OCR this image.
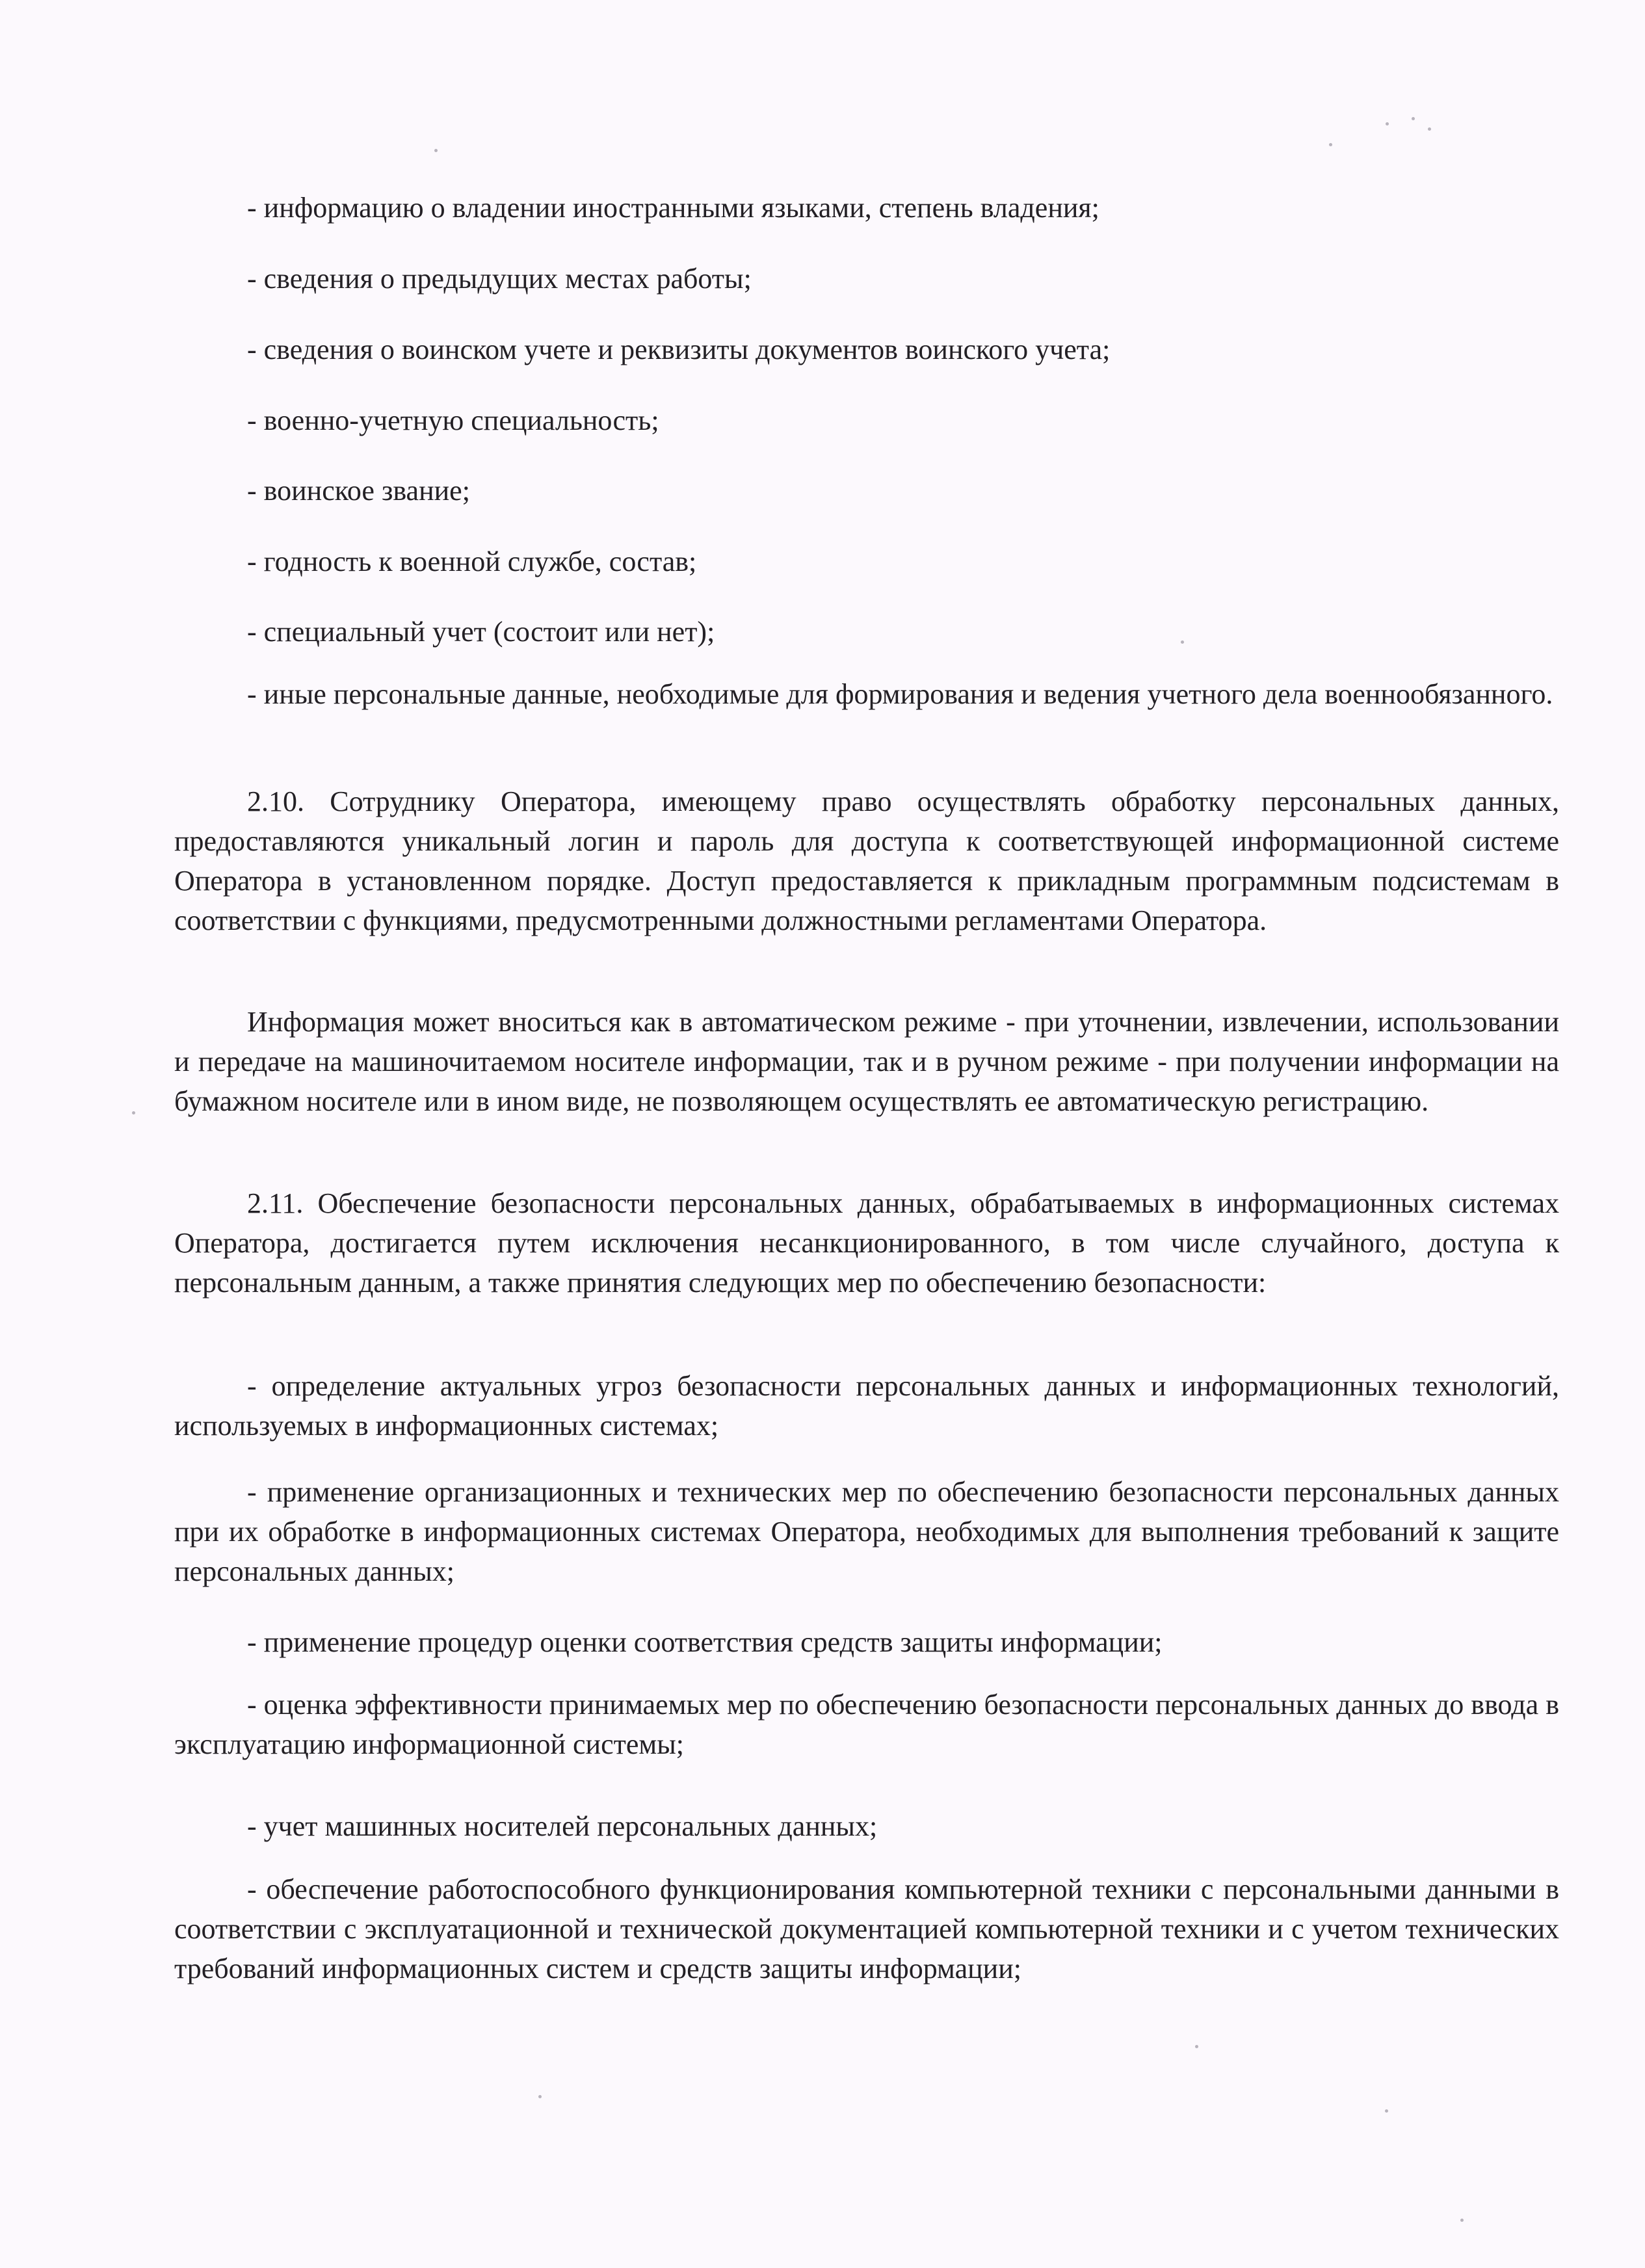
- информацию о владении иностранными языками, степень владения;

- сведения о предыдущих местах работы;

- сведения о воинском учете и реквизиты документов воинского учета;

- военно-учетную специальность;

- воинское звание;

- годность к военной службе, состав;

- специальный учет (состоит или нет);

- иные персональные данные, необходимые для формирования и ведения учетного дела военнообязанного.

2.10. Сотруднику Оператора, имеющему право осуществлять обработку персональных данных, предоставляются уникальный логин и пароль для доступа к соответствующей информационной системе Оператора в установленном порядке. Доступ предоставляется к прикладным программным подсистемам в соответствии с функциями, предусмотренными должностными регламентами Оператора.

Информация может вноситься как в автоматическом режиме - при уточнении, извлечении, использовании и передаче на машиночитаемом носителе информации, так и в ручном режиме - при получении информации на бумажном носителе или в ином виде, не позволяющем осуществлять ее автоматическую регистрацию.

2.11. Обеспечение безопасности персональных данных, обрабатываемых в информационных системах Оператора, достигается путем исключения несанкционированного, в том числе случайного, доступа к персональным данным, а также принятия следующих мер по обеспечению безопасности:

- определение актуальных угроз безопасности персональных данных и информационных технологий, используемых в информационных системах;

- применение организационных и технических мер по обеспечению безопасности персональных данных при их обработке в информационных системах Оператора, необходимых для выполнения требований к защите персональных данных;

- применение процедур оценки соответствия средств защиты информации;

- оценка эффективности принимаемых мер по обеспечению безопасности персональных данных до ввода в эксплуатацию информационной системы;

- учет машинных носителей персональных данных;

- обеспечение работоспособного функционирования компьютерной техники с персональными данными в соответствии с эксплуатационной и технической документацией компьютерной техники и с учетом технических требований информационных систем и средств защиты информации;
